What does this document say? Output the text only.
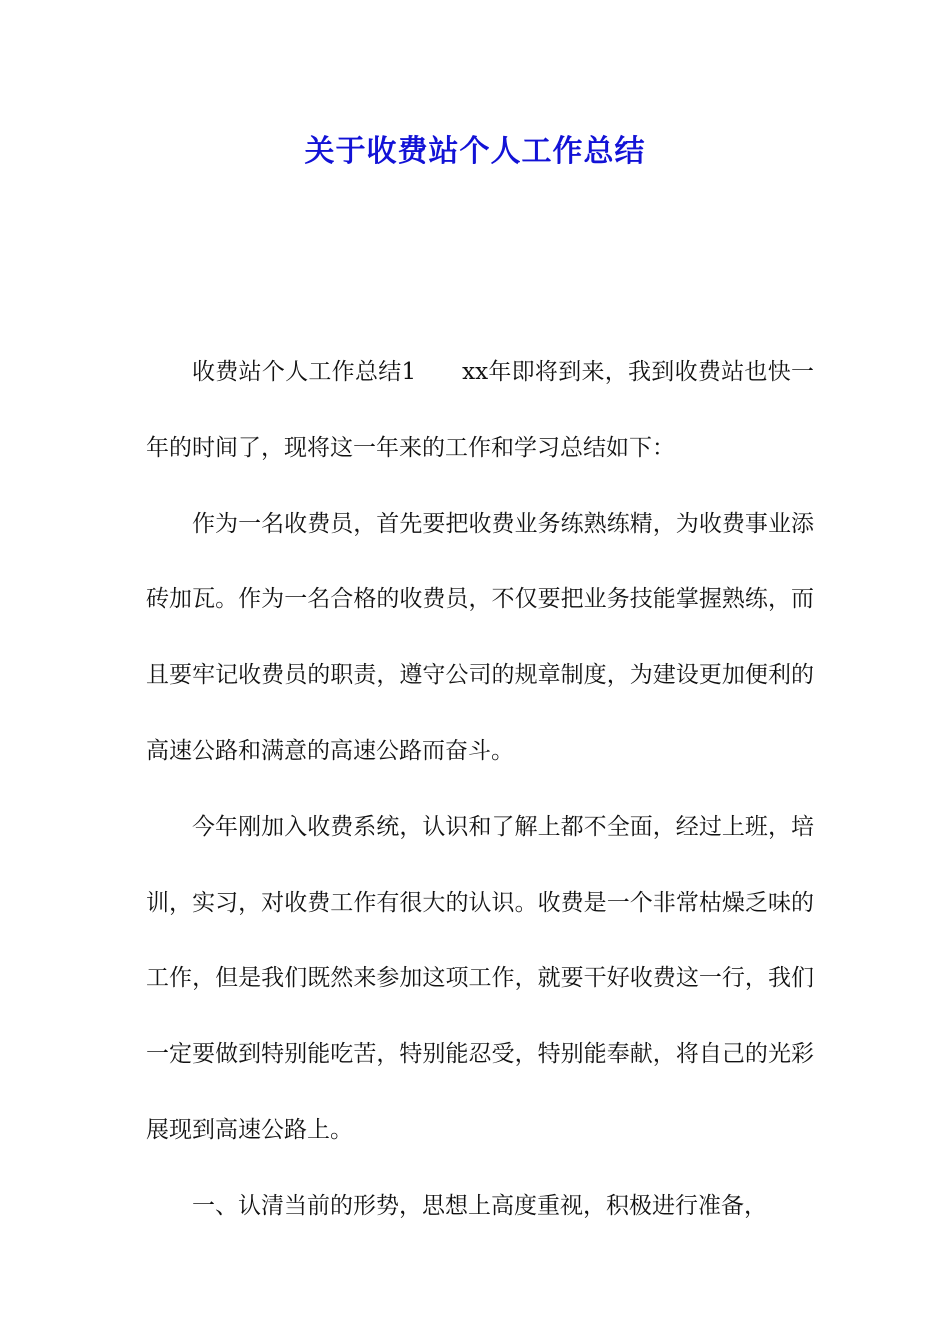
关于收费站个人工作总结

收费站个人工作总结1 xx年即将到来，我到收费站也快一年的时间了，现将这一年来的工作和学习总结如下：

作为一名收费员，首先要把收费业务练熟练精，为收费事业添砖加瓦。作为一名合格的收费员，不仅要把业务技能掌握熟练，而且要牢记收费员的职责，遵守公司的规章制度，为建设更加便利的高速公路和满意的高速公路而奋斗。

今年刚加入收费系统，认识和了解上都不全面，经过上班，培训，实习，对收费工作有很大的认识。收费是一个非常枯燥乏味的工作，但是我们既然来参加这项工作，就要干好收费这一行，我们一定要做到特别能吃苦，特别能忍受，特别能奉献，将自己的光彩展现到高速公路上。

一、认清当前的形势，思想上高度重视，积极进行准备，
